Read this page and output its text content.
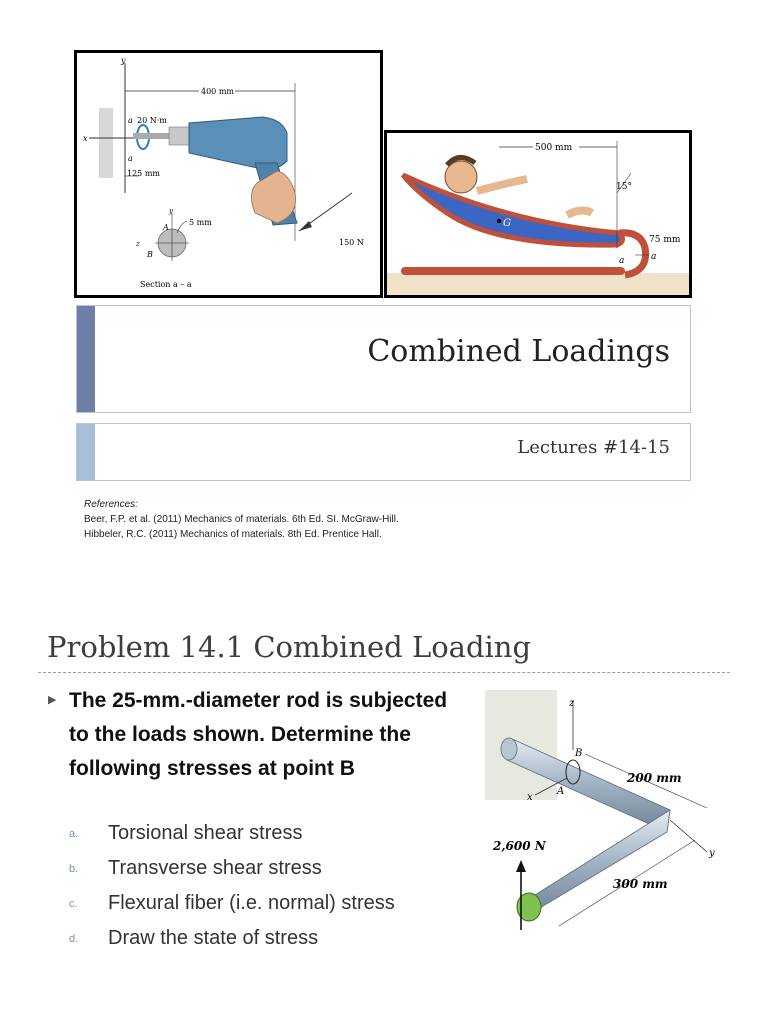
y
x
400 mm
a 20 N·m
a
125 mm
150 N
y
z
A
B
5 mm
Section a – a
G
500 mm
15°
75 mm
a
a
Combined Loadings
Lectures #14-15
References:
Beer, F.P. et al. (2011) Mechanics of materials. 6th Ed. SI. McGraw-Hill.
Hibbeler, R.C. (2011) Mechanics of materials. 8th Ed. Prentice Hall.
Problem 14.1 Combined Loading
▶ The 25-mm.-diameter rod is subjected to the loads shown. Determine the following stresses at point B
a. Torsional shear stress
b. Transverse shear stress
c. Flexural fiber (i.e. normal) stress
d. Draw the state of stress
z
B
A
x
y
200 mm
300 mm
2,600 N
